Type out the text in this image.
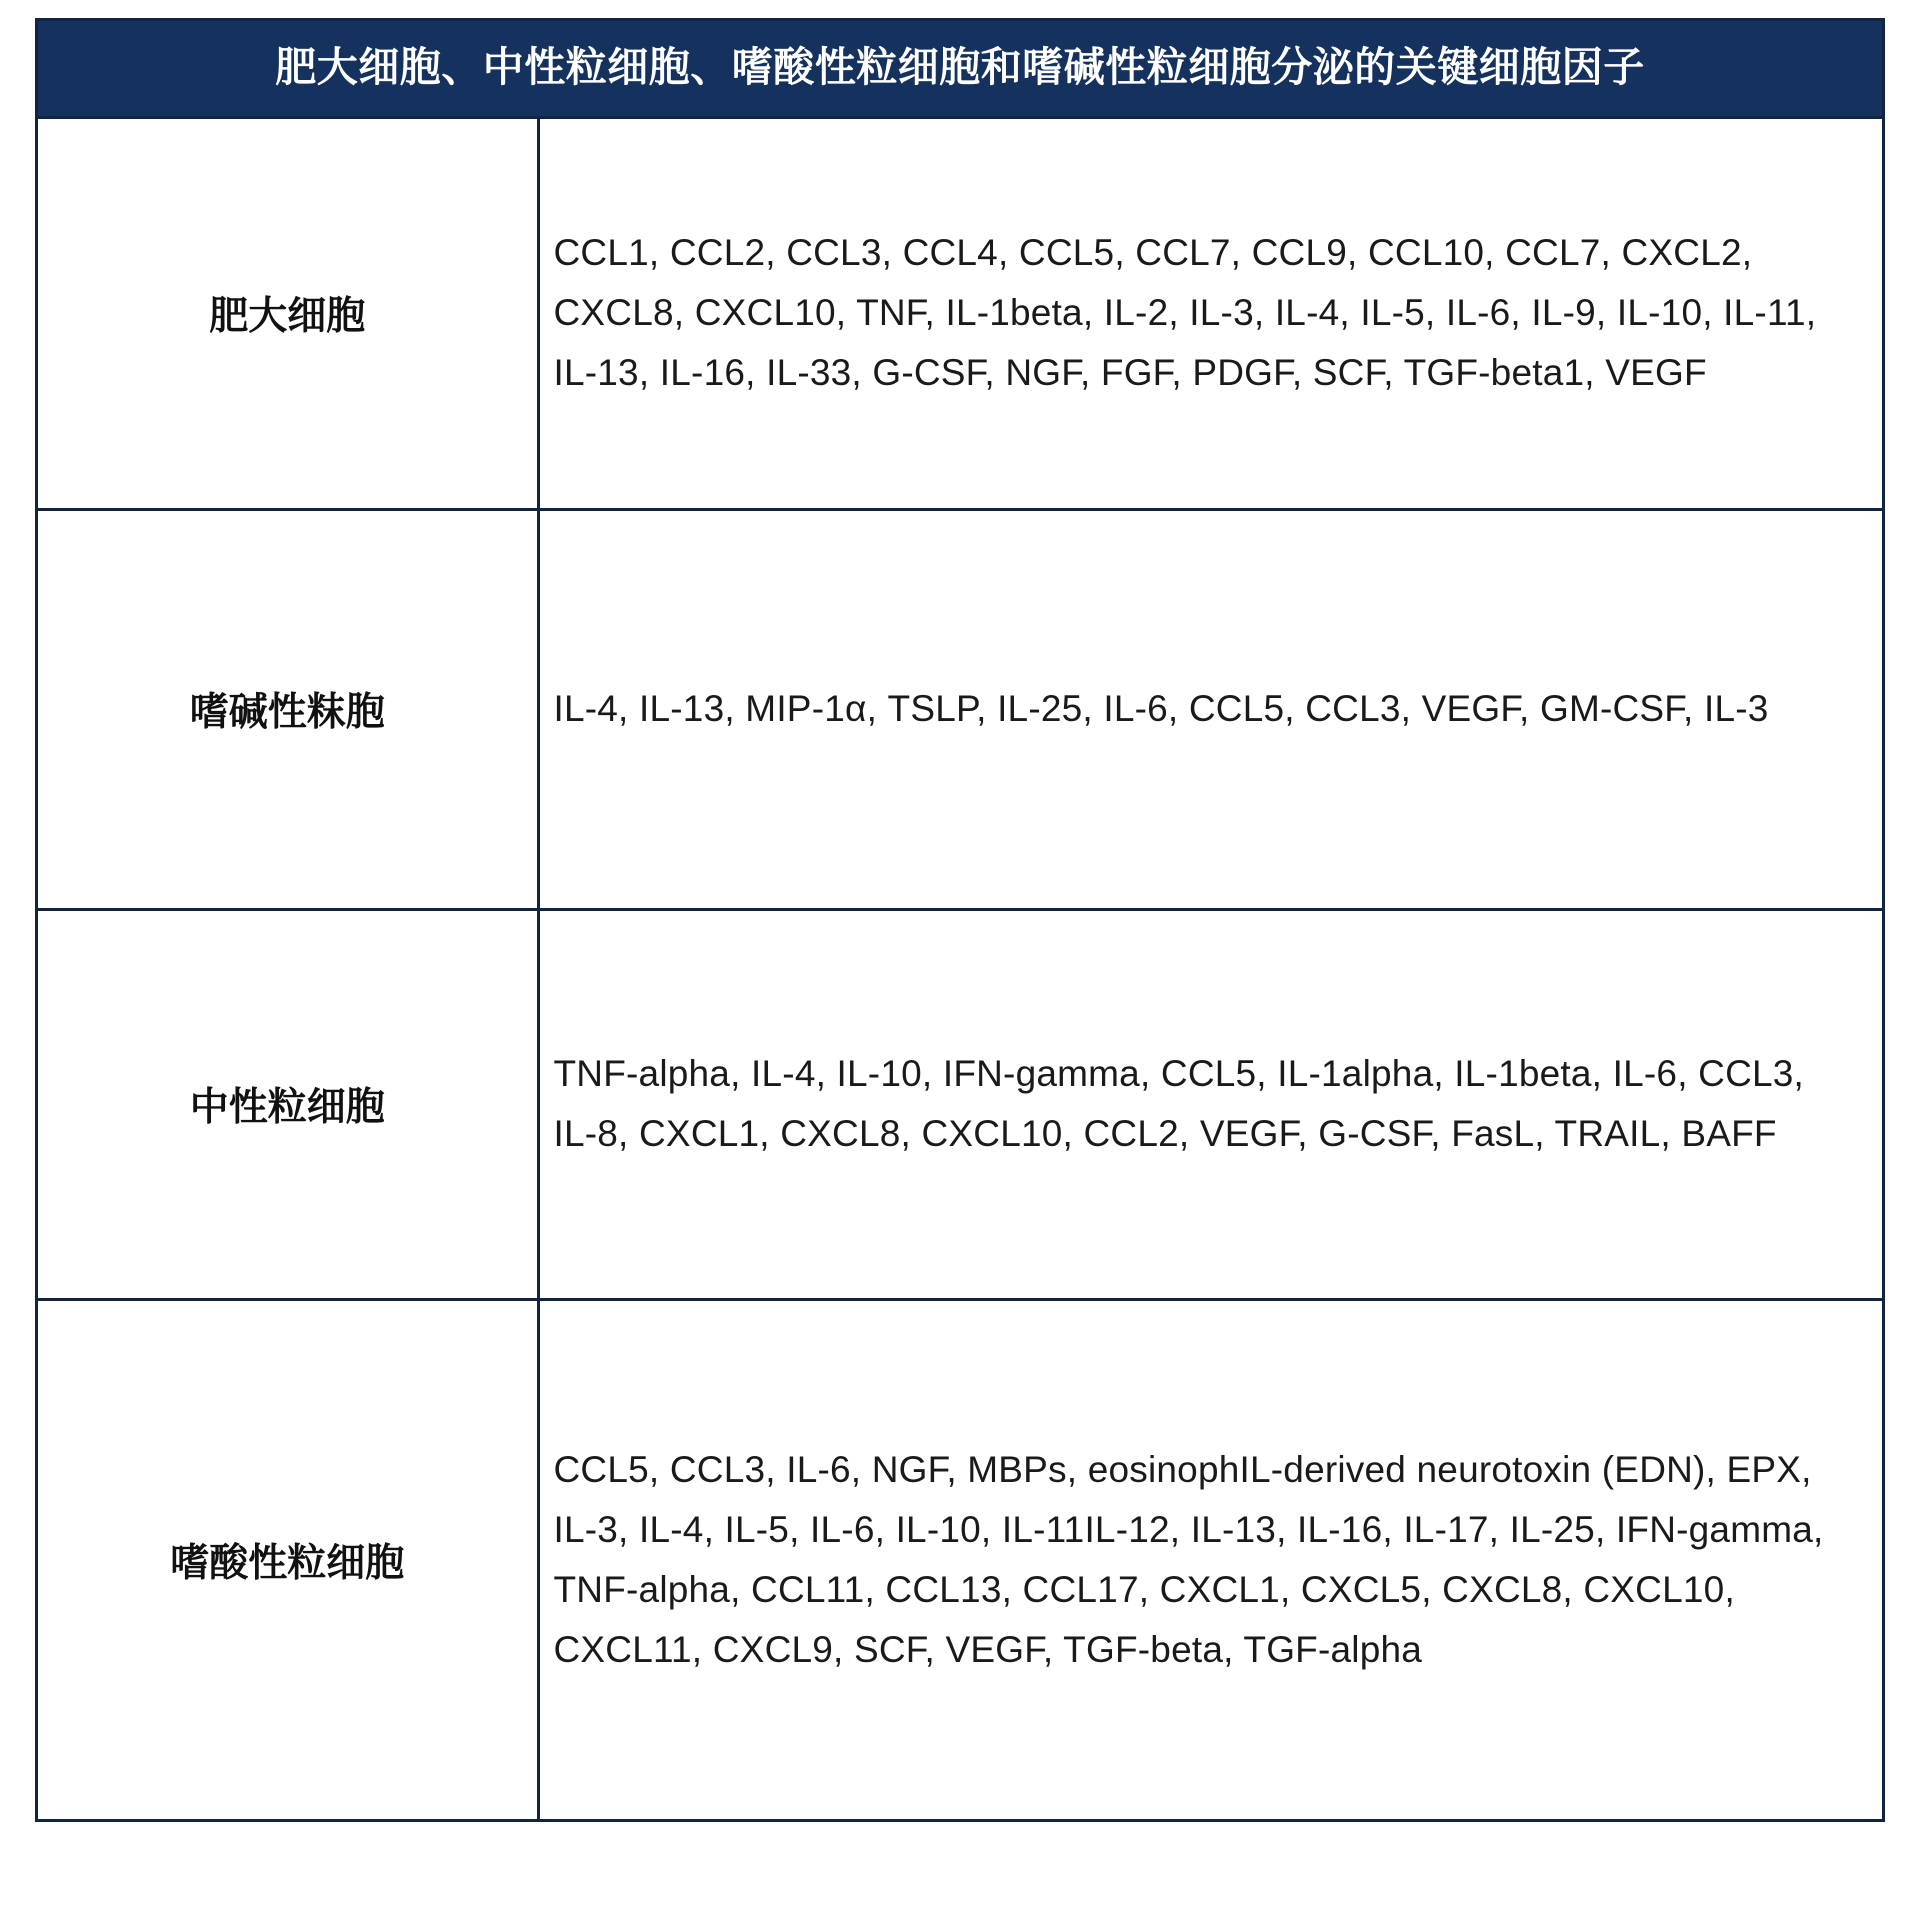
肥大细胞、中性粒细胞、嗜酸性粒细胞和嗜碱性粒细胞分泌的关键细胞因子
肥大细胞	CCL1, CCL2, CCL3, CCL4, CCL5, CCL7, CCL9, CCL10, CCL7, CXCL2, CXCL8, CXCL10, TNF, IL-1beta, IL-2, IL-3, IL-4, IL-5, IL-6, IL-9, IL-10, IL-11, IL-13, IL-16, IL-33, G-CSF, NGF, FGF, PDGF, SCF, TGF-beta1, VEGF
嗜碱性粖胞	IL-4, IL-13, MIP-1α, TSLP, IL-25, IL-6, CCL5, CCL3, VEGF, GM-CSF, IL-3
中性粒细胞	TNF-alpha, IL-4, IL-10, IFN-gamma, CCL5, IL-1alpha, IL-1beta, IL-6, CCL3, IL-8, CXCL1, CXCL8, CXCL10, CCL2, VEGF, G-CSF, FasL, TRAIL, BAFF
嗜酸性粒细胞	CCL5, CCL3, IL-6, NGF, MBPs, eosinophIL-derived neurotoxin (EDN), EPX, IL-3, IL-4, IL-5, IL-6, IL-10, IL-11IL-12, IL-13, IL-16, IL-17, IL-25, IFN-gamma, TNF-alpha, CCL11, CCL13, CCL17, CXCL1, CXCL5, CXCL8, CXCL10, CXCL11, CXCL9, SCF, VEGF, TGF-beta, TGF-alpha
